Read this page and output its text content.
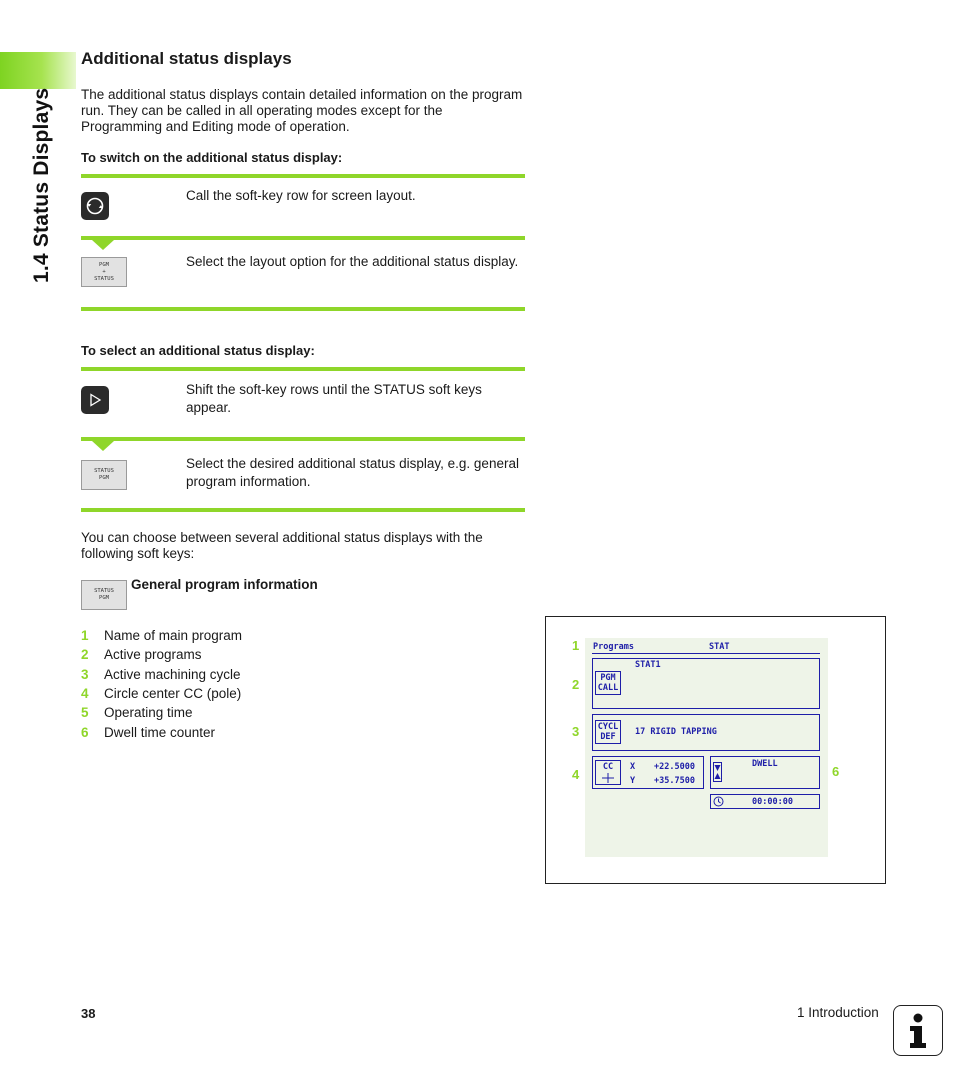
1.4 Status Displays
Additional status displays
The additional status displays contain detailed information on the program run. They can be called in all operating modes except for the Programming and Editing mode of operation.
To switch on the additional status display:
Call the soft-key row for screen layout.
PGM
+
STATUS
Select the layout option for the additional status display.
To select an additional status display:
Shift the soft-key rows until the STATUS soft keys appear.
STATUS
PGM
Select the desired additional status display, e.g. general program information.
You can choose between several additional status displays with the following soft keys:
STATUS
PGM
General program information
1	Name of main program
2	Active programs
3	Active machining cycle
4	Circle center CC (pole)
5	Operating time
6	Dwell time counter
1
2
3
4	6
Programs	STAT
STAT1
PGM
CALL
CYCL
DEF	17 RIGID TAPPING
CC	X +22.5000
Y +35.7500
DWELL
00:00:00
38	1 Introduction
